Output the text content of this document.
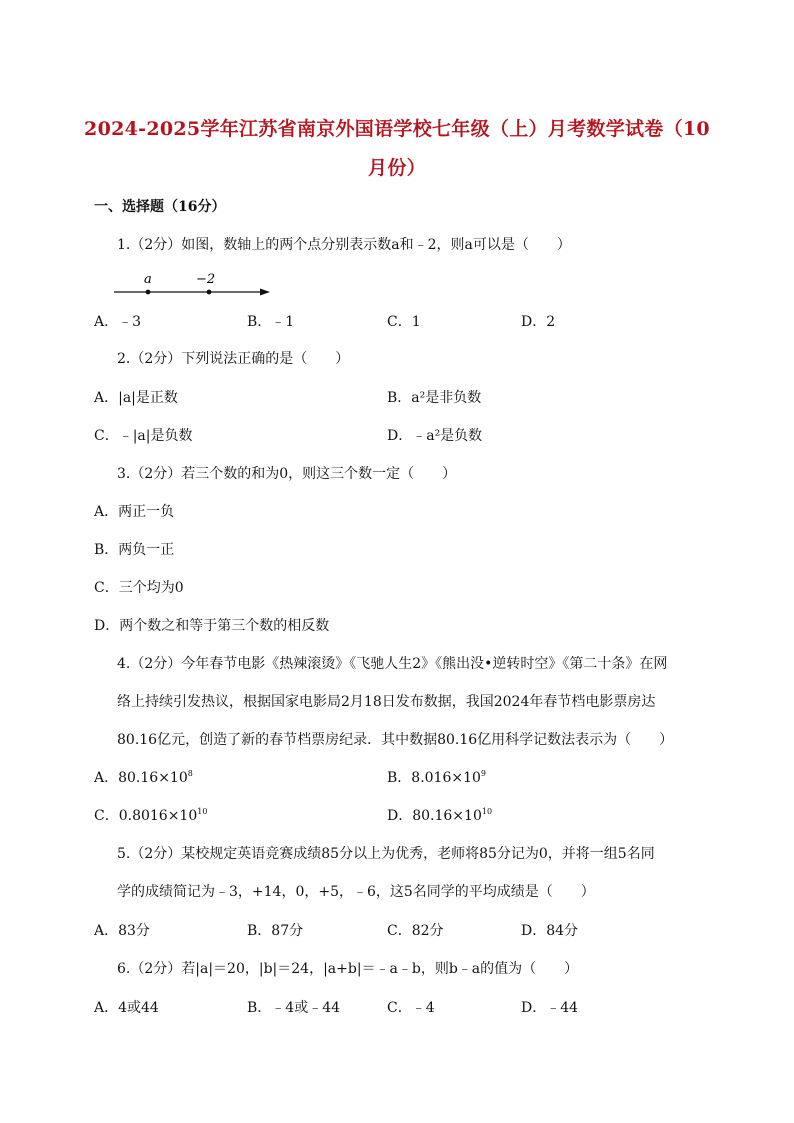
2024-2025学年江苏省南京外国语学校七年级（上）月考数学试卷（10
月份）
一、选择题（16分）
1.（2分）如图，数轴上的两个点分别表示数a和﹣2，则a可以是（　　）
a	−2
A．﹣3	B．﹣1	C．1	D．2
2.（2分）下列说法正确的是（　　）
A．|a|是正数	B．a²是非负数
C．﹣|a|是负数	D．﹣a²是负数
3.（2分）若三个数的和为0，则这三个数一定（　　）
A．两正一负
B．两负一正
C．三个均为0
D．两个数之和等于第三个数的相反数
4.（2分）今年春节电影《热辣滚烫》《飞驰人生2》《熊出没•逆转时空》《第二十条》在网
络上持续引发热议，根据国家电影局2月18日发布数据，我国2024年春节档电影票房达
80.16亿元，创造了新的春节档票房纪录．其中数据80.16亿用科学记数法表示为（　　）
A．$80.16\times 10^8$	B．$8.016\times 10^9$
C．$0.8016\times 10^{10}$	D．$80.16\times 10^{10}$
5.（2分）某校规定英语竞赛成绩85分以上为优秀，老师将85分记为0，并将一组5名同
学的成绩简记为﹣3，+14，0，+5，﹣6，这5名同学的平均成绩是（　　）
A．83分	B．87分	C．82分	D．84分
6.（2分）若|a|＝20，|b|＝24，|a+b|＝﹣a﹣b，则b﹣a的值为（　　）
A．4或44	B．﹣4或﹣44	C．﹣4	D．﹣44
